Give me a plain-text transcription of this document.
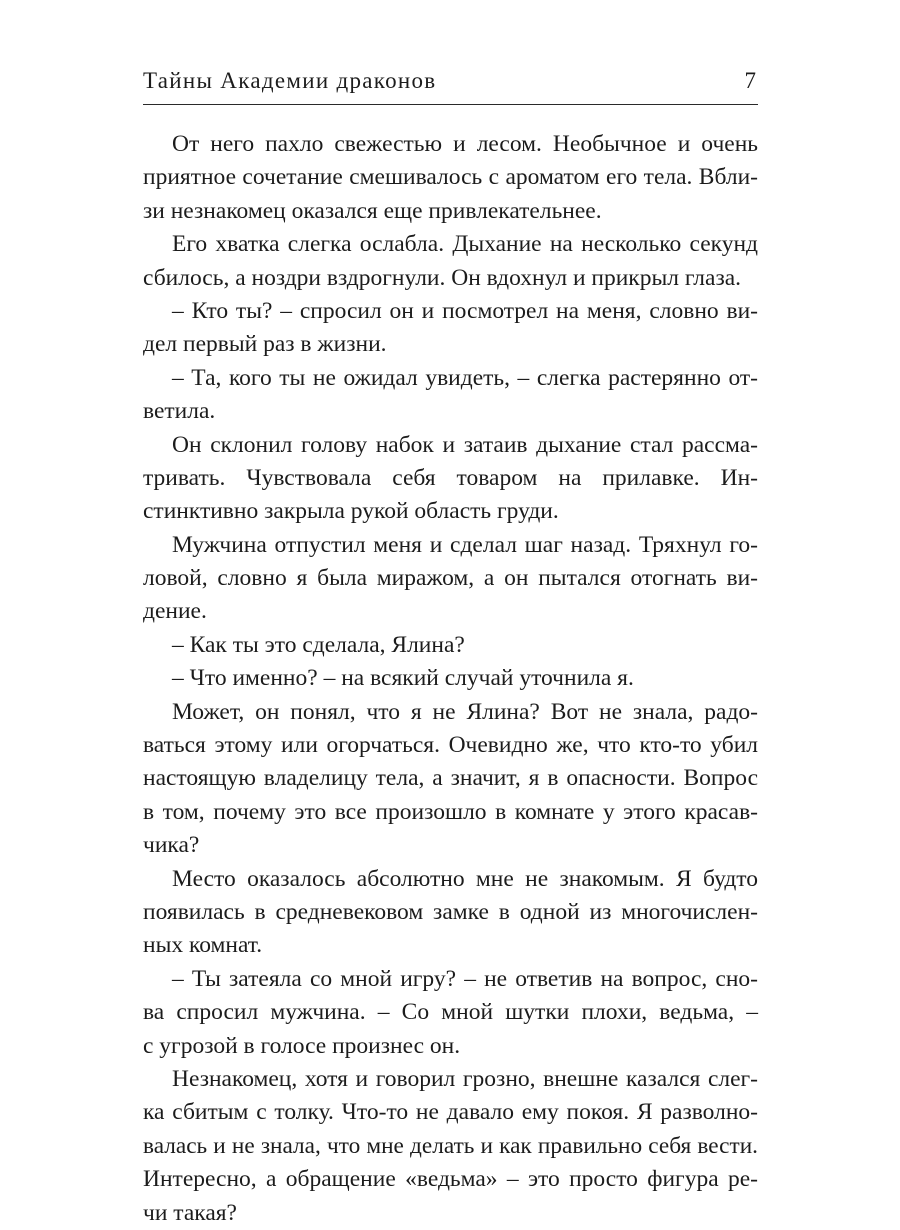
Тайны Академии драконов	7
От него пахло свежестью и лесом. Необычное и очень
приятное сочетание смешивалось с ароматом его тела. Вбли-
зи незнакомец оказался еще привлекательнее.
Его хватка слегка ослабла. Дыхание на несколько секунд
сбилось, а ноздри вздрогнули. Он вдохнул и прикрыл глаза.
– Кто ты? – спросил он и посмотрел на меня, словно ви-
дел первый раз в жизни.
– Та, кого ты не ожидал увидеть, – слегка растерянно от-
ветила.
Он склонил голову набок и затаив дыхание стал рассма-
тривать. Чувствовала себя товаром на прилавке. Ин-
стинктивно закрыла рукой область груди.
Мужчина отпустил меня и сделал шаг назад. Тряхнул го-
ловой, словно я была миражом, а он пытался отогнать ви-
дение.
– Как ты это сделала, Ялина?
– Что именно? – на всякий случай уточнила я.
Может, он понял, что я не Ялина? Вот не знала, радо-
ваться этому или огорчаться. Очевидно же, что кто-то убил
настоящую владелицу тела, а значит, я в опасности. Вопрос
в том, почему это все произошло в комнате у этого красав-
чика?
Место оказалось абсолютно мне не знакомым. Я будто
появилась в средневековом замке в одной из многочислен-
ных комнат.
– Ты затеяла со мной игру? – не ответив на вопрос, сно-
ва спросил мужчина. – Со мной шутки плохи, ведьма, –
с угрозой в голосе произнес он.
Незнакомец, хотя и говорил грозно, внешне казался слег-
ка сбитым с толку. Что-то не давало ему покоя. Я разволно-
валась и не знала, что мне делать и как правильно себя вести.
Интересно, а обращение «ведьма» – это просто фигура ре-
чи такая?
